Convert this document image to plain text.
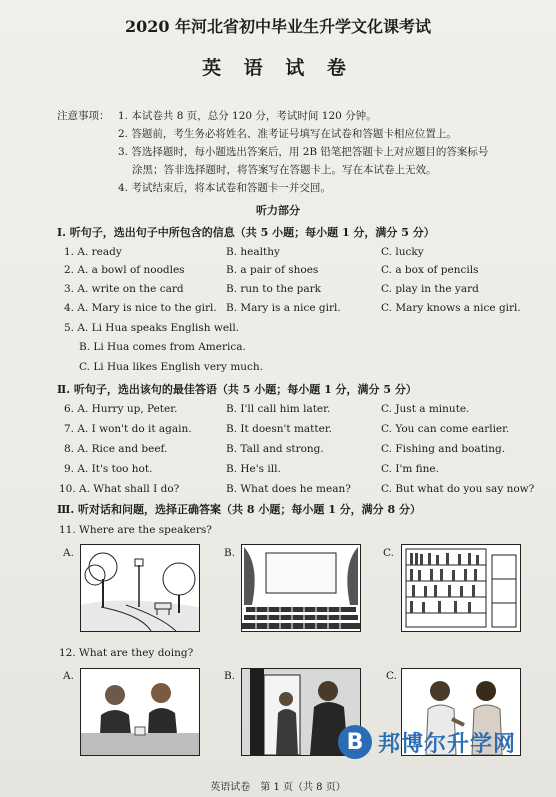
2020 年河北省初中毕业生升学文化课考试
英 语 试 卷
注意事项： 1. 本试卷共 8 页，总分 120 分，考试时间 120 分钟。
2. 答题前，考生务必将姓名、准考证号填写在试卷和答题卡相应位置上。
3. 答选择题时，每小题选出答案后，用 2B 铅笔把答题卡上对应题目的答案标号
涂黑；答非选择题时，将答案写在答题卡上。写在本试卷上无效。
4. 考试结束后，将本试卷和答题卡一并交回。
听力部分
Ⅰ. 听句子，选出句子中所包含的信息（共 5 小题；每小题 1 分，满分 5 分）
1. A. ready	B. healthy	C. lucky
2. A. a bowl of noodles	B. a pair of shoes	C. a box of pencils
3. A. write on the card	B. run to the park	C. play in the yard
4. A. Mary is nice to the girl. B. Mary is a nice girl.	C. Mary knows a nice girl.
5. A. Li Hua speaks English well.
B. Li Hua comes from America.
C. Li Hua likes English very much.
Ⅱ. 听句子，选出该句的最佳答语（共 5 小题；每小题 1 分，满分 5 分）
6. A. Hurry up, Peter.	B. I'll call him later.	C. Just a minute.
7. A. I won't do it again.	B. It doesn't matter.	C. You can come earlier.
8. A. Rice and beef.	B. Tall and strong.	C. Fishing and boating.
9. A. It's too hot.	B. He's ill.	C. I'm fine.
10. A. What shall I do?	B. What does he mean?	C. But what do you say now?
Ⅲ. 听对话和问题，选择正确答案（共 8 小题；每小题 1 分，满分 8 分）
11. Where are the speakers?
A.	B.	C.
12. What are they doing?
A.	B.	C.
B 邦博尔升学网
英语试卷　第 1 页（共 8 页）
